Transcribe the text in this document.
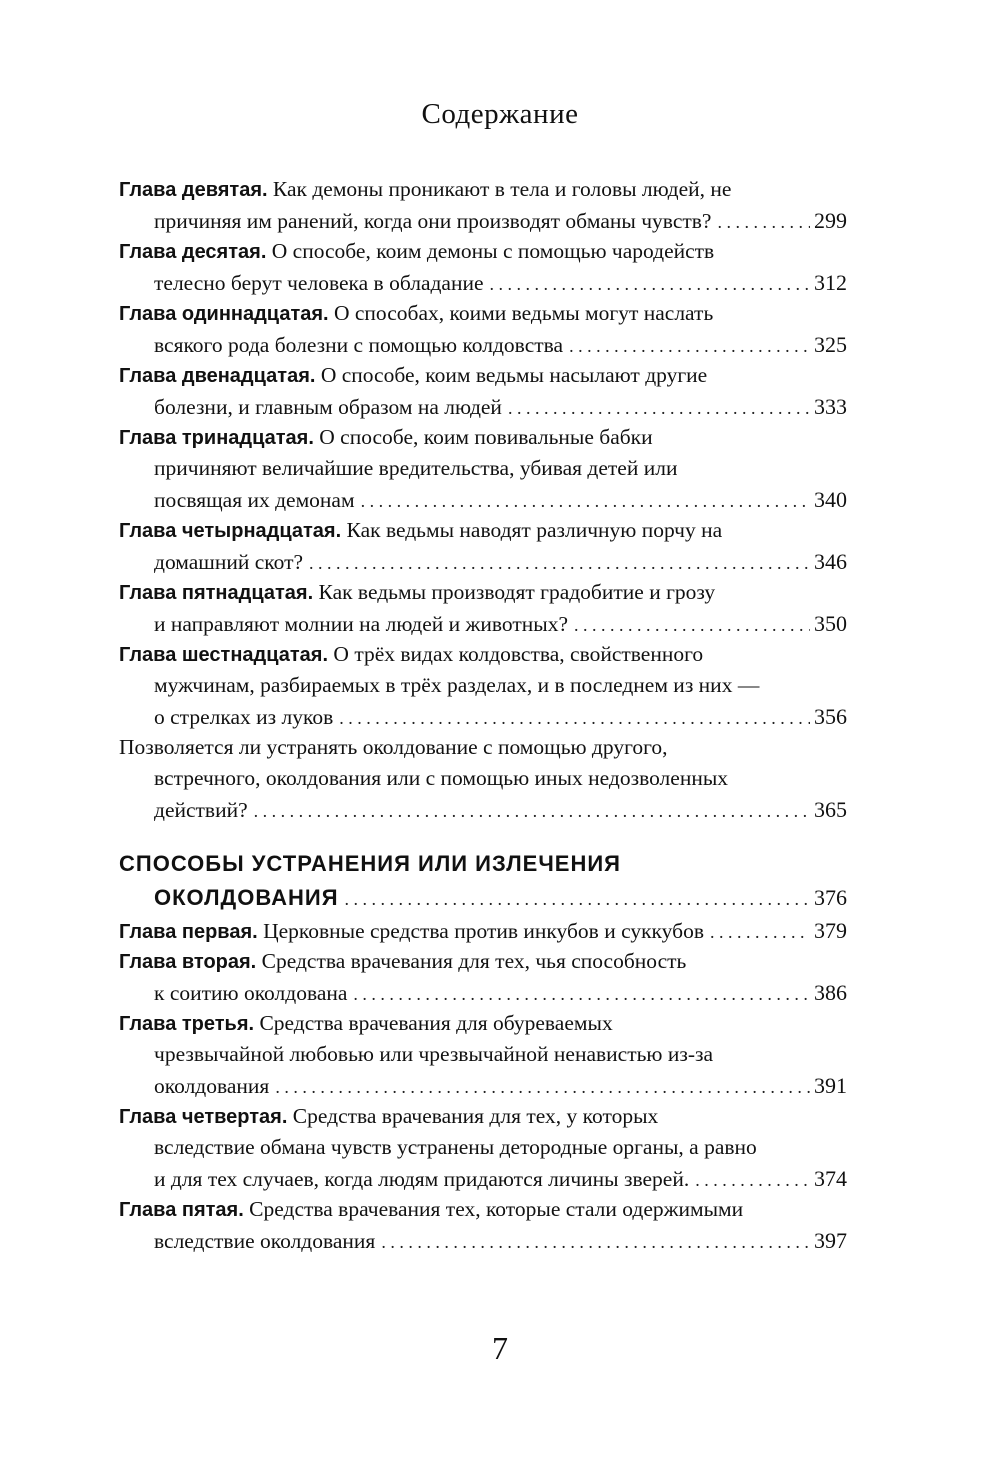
Содержание
Глава девятая. Как демоны проникают в тела и головы людей, не
причиняя им ранений, когда они производят обманы чувств? . . .	299
Глава десятая. О способе, коим демоны с помощью чародейств
телесно берут человека в обладание . . .	312
Глава одиннадцатая. О способах, коими ведьмы могут наслать
всякого рода болезни с помощью колдовства . . .	325
Глава двенадцатая. О способе, коим ведьмы насылают другие
болезни, и главным образом на людей . . .	333
Глава тринадцатая. О способе, коим повивальные бабки
причиняют величайшие вредительства, убивая детей или
посвящая их демонам . . .	340
Глава четырнадцатая. Как ведьмы наводят различную порчу на
домашний скот? . . .	346
Глава пятнадцатая. Как ведьмы производят градобитие и грозу
и направляют молнии на людей и животных? . . .	350
Глава шестнадцатая. О трёх видах колдовства, свойственного
мужчинам, разбираемых в трёх разделах, и в последнем из них —
о стрелках из луков . . .	356
Позволяется ли устранять околдование с помощью другого,
встречного, околдования или с помощью иных недозволенных
действий? . . .	365
СПОСОБЫ УСТРАНЕНИЯ ИЛИ ИЗЛЕЧЕНИЯ
ОКОЛДОВАНИЯ . . .	376
Глава первая. Церковные средства против инкубов и суккубов . . .	379
Глава вторая. Средства врачевания для тех, чья способность
к соитию околдована . . .	386
Глава третья. Средства врачевания для обуреваемых
чрезвычайной любовью или чрезвычайной ненавистью из-за
околдования . . .	391
Глава четвертая. Средства врачевания для тех, у которых
вследствие обмана чувств устранены детородные органы, а равно
и для тех случаев, когда людям придаются личины зверей. . . .	374
Глава пятая. Средства врачевания тех, которые стали одержимыми
вследствие околдования . . .	397
7
